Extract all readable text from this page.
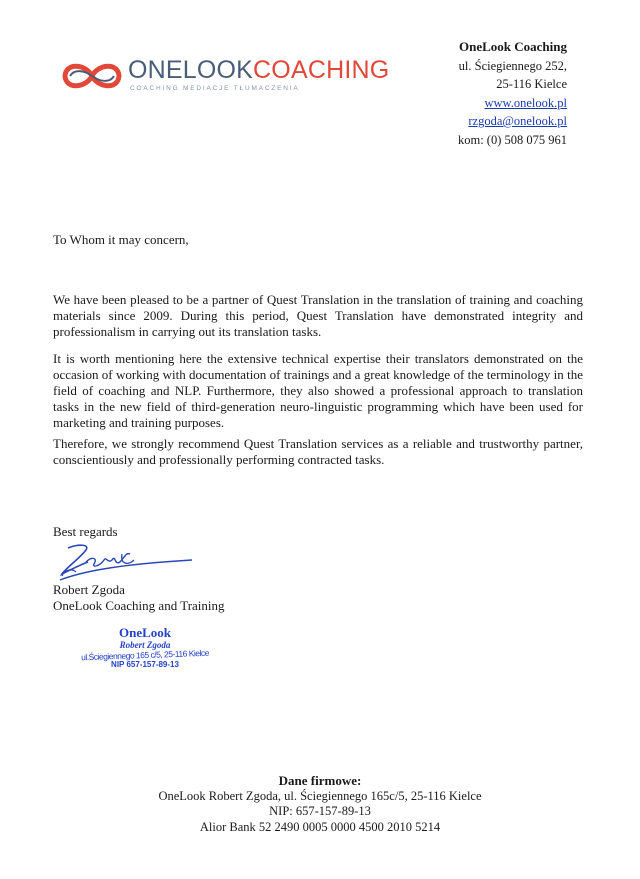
ONELOOKCOACHING
COACHING MEDIACJE TŁUMACZENIA
OneLook Coaching
ul. Ściegiennego 252,
25-116 Kielce
www.onelook.pl
rzgoda@onelook.pl
kom: (0) 508 075 961
To Whom it may concern,
We have been pleased to be a partner of Quest Translation in the translation of training and coaching materials since 2009. During this period, Quest Translation have demonstrated integrity and professionalism in carrying out its translation tasks.
It is worth mentioning here the extensive technical expertise their translators demonstrated on the occasion of working with documentation of trainings and a great knowledge of the terminology in the field of coaching and NLP. Furthermore, they also showed a professional approach to translation tasks in the new field of third-generation neuro-linguistic programming which have been used for marketing and training purposes.
Therefore, we strongly recommend Quest Translation services as a reliable and trustworthy partner, conscientiously and professionally performing contracted tasks.
Best regards
Robert Zgoda
OneLook Coaching and Training
OneLook
Robert Zgoda
ul.Ściegiennego 165 c/5, 25-116 Kielce
NIP 657-157-89-13
Dane firmowe:
OneLook Robert Zgoda, ul. Ściegiennego 165c/5, 25-116 Kielce
NIP: 657-157-89-13
Alior Bank 52 2490 0005 0000 4500 2010 5214
